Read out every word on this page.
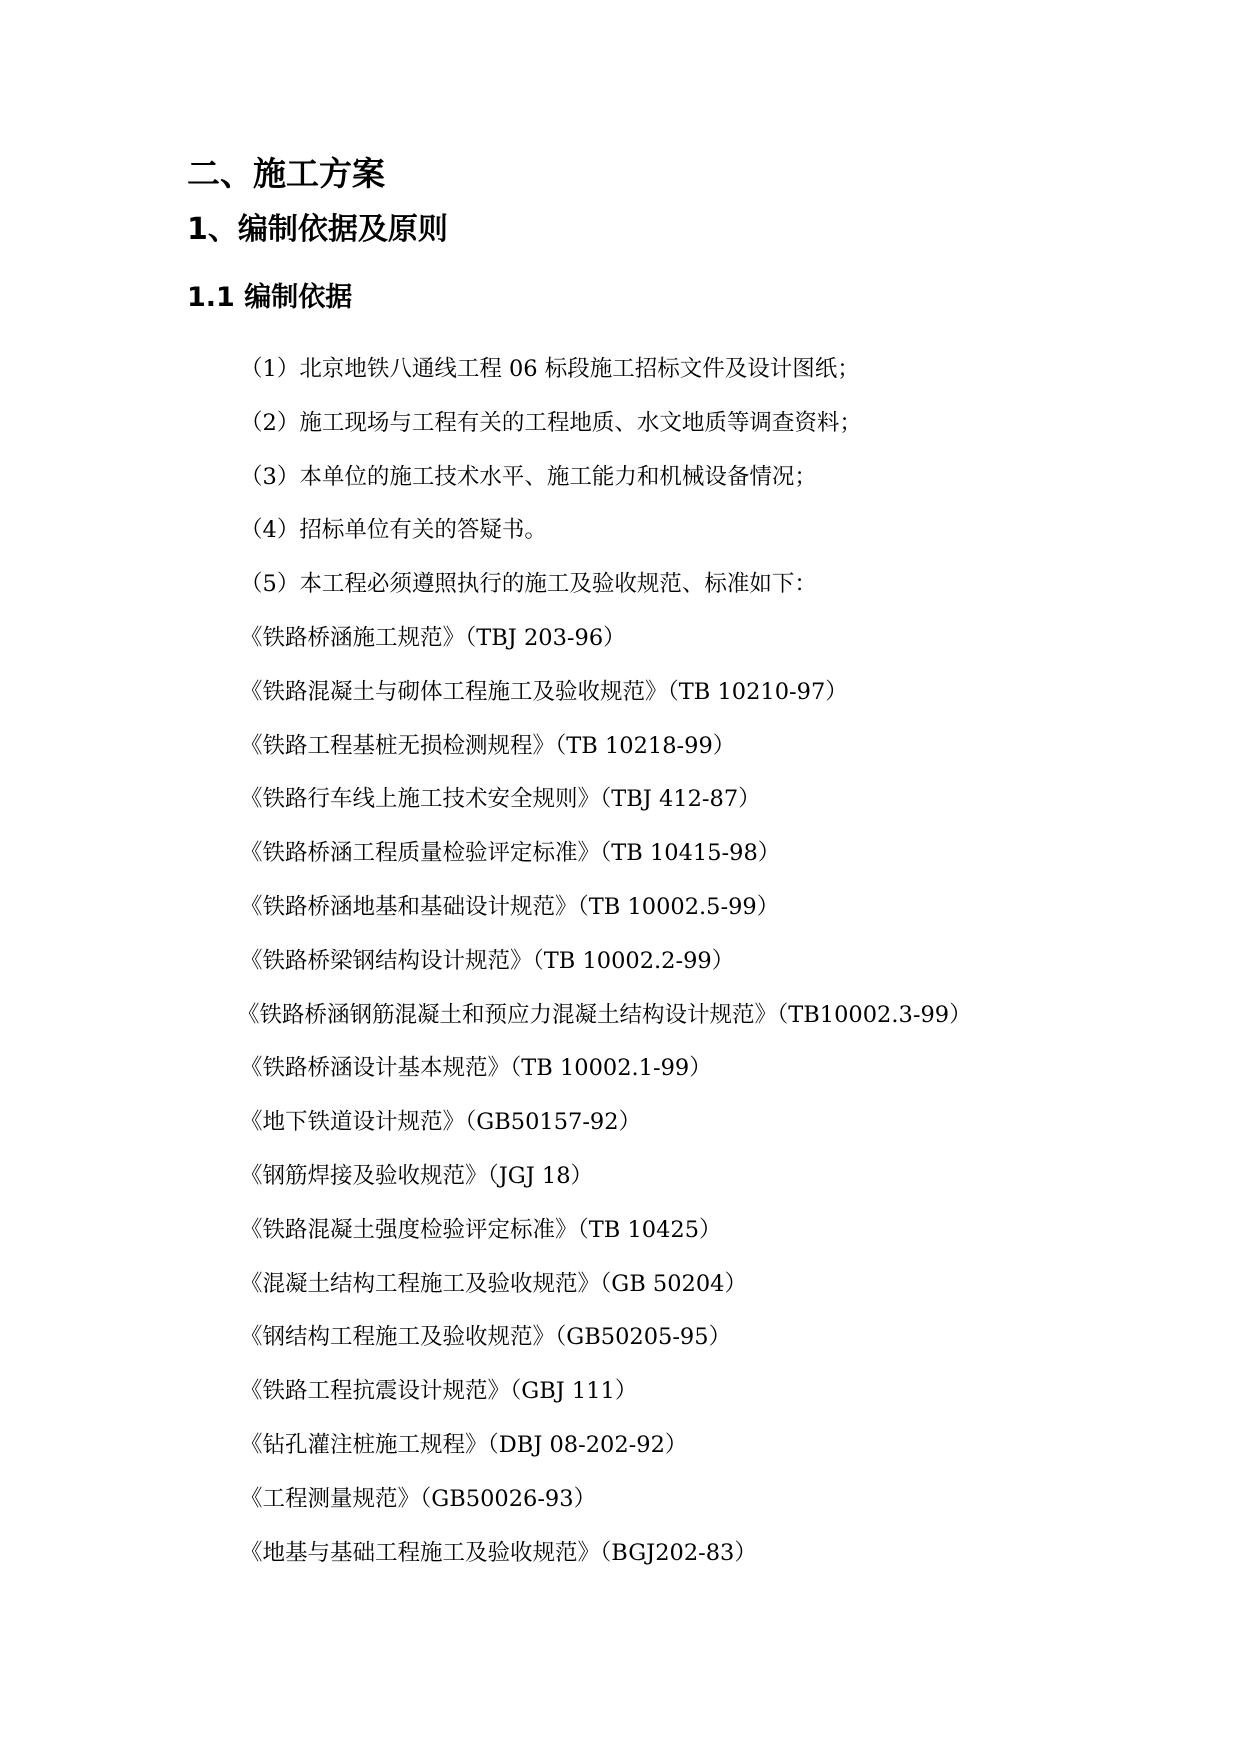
二、施工方案
1、编制依据及原则
1.1 编制依据
（1）北京地铁八通线工程 06 标段施工招标文件及设计图纸；
（2）施工现场与工程有关的工程地质、水文地质等调查资料；
（3）本单位的施工技术水平、施工能力和机械设备情况；
（4）招标单位有关的答疑书。
（5）本工程必须遵照执行的施工及验收规范、标准如下：
《铁路桥涵施工规范》（TBJ 203-96）
《铁路混凝土与砌体工程施工及验收规范》（TB 10210-97）
《铁路工程基桩无损检测规程》（TB 10218-99）
《铁路行车线上施工技术安全规则》（TBJ 412-87）
《铁路桥涵工程质量检验评定标准》（TB 10415-98）
《铁路桥涵地基和基础设计规范》（TB 10002.5-99）
《铁路桥梁钢结构设计规范》（TB 10002.2-99）
《铁路桥涵钢筋混凝土和预应力混凝土结构设计规范》（TB10002.3-99）
《铁路桥涵设计基本规范》（TB 10002.1-99）
《地下铁道设计规范》（GB50157-92）
《钢筋焊接及验收规范》（JGJ 18）
《铁路混凝土强度检验评定标准》（TB 10425）
《混凝土结构工程施工及验收规范》（GB 50204）
《钢结构工程施工及验收规范》（GB50205-95）
《铁路工程抗震设计规范》（GBJ 111）
《钻孔灌注桩施工规程》（DBJ 08-202-92）
《工程测量规范》（GB50026-93）
《地基与基础工程施工及验收规范》（BGJ202-83）
